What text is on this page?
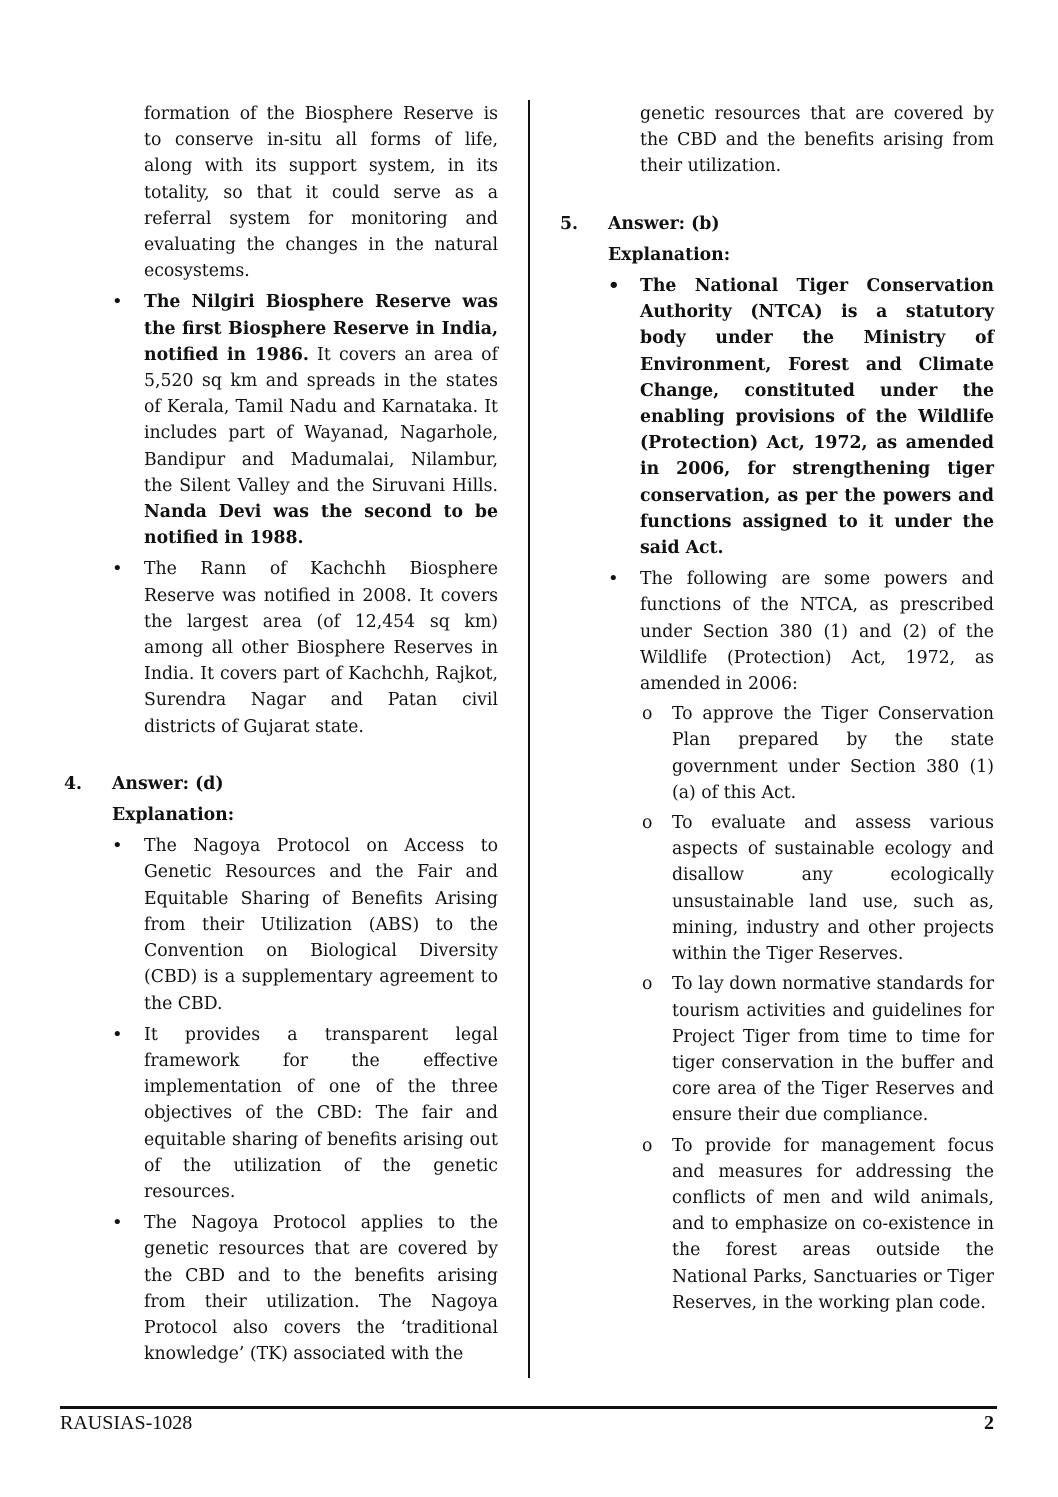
formation of the Biosphere Reserve is to conserve in-situ all forms of life, along with its support system, in its totality, so that it could serve as a referral system for monitoring and evaluating the changes in the natural ecosystems.

• The Nilgiri Biosphere Reserve was the first Biosphere Reserve in India, notified in 1986. It covers an area of 5,520 sq km and spreads in the states of Kerala, Tamil Nadu and Karnataka. It includes part of Wayanad, Nagarhole, Bandipur and Madumalai, Nilambur, the Silent Valley and the Siruvani Hills. Nanda Devi was the second to be notified in 1988.

• The Rann of Kachchh Biosphere Reserve was notified in 2008. It covers the largest area (of 12,454 sq km) among all other Biosphere Reserves in India. It covers part of Kachchh, Rajkot, Surendra Nagar and Patan civil districts of Gujarat state.

4. Answer: (d)
Explanation:

• The Nagoya Protocol on Access to Genetic Resources and the Fair and Equitable Sharing of Benefits Arising from their Utilization (ABS) to the Convention on Biological Diversity (CBD) is a supplementary agreement to the CBD.

• It provides a transparent legal framework for the effective implementation of one of the three objectives of the CBD: The fair and equitable sharing of benefits arising out of the utilization of the genetic resources.

• The Nagoya Protocol applies to the genetic resources that are covered by the CBD and to the benefits arising from their utilization. The Nagoya Protocol also covers the ‘traditional knowledge’ (TK) associated with the

genetic resources that are covered by the CBD and the benefits arising from their utilization.

5. Answer: (b)
Explanation:

• The National Tiger Conservation Authority (NTCA) is a statutory body under the Ministry of Environment, Forest and Climate Change, constituted under the enabling provisions of the Wildlife (Protection) Act, 1972, as amended in 2006, for strengthening tiger conservation, as per the powers and functions assigned to it under the said Act.

• The following are some powers and functions of the NTCA, as prescribed under Section 380 (1) and (2) of the Wildlife (Protection) Act, 1972, as amended in 2006:

o To approve the Tiger Conservation Plan prepared by the state government under Section 380 (1) (a) of this Act.

o To evaluate and assess various aspects of sustainable ecology and disallow any ecologically unsustainable land use, such as, mining, industry and other projects within the Tiger Reserves.

o To lay down normative standards for tourism activities and guidelines for Project Tiger from time to time for tiger conservation in the buffer and core area of the Tiger Reserves and ensure their due compliance.

o To provide for management focus and measures for addressing the conflicts of men and wild animals, and to emphasize on co-existence in the forest areas outside the National Parks, Sanctuaries or Tiger Reserves, in the working plan code.

RAUSIAS-1028	2
